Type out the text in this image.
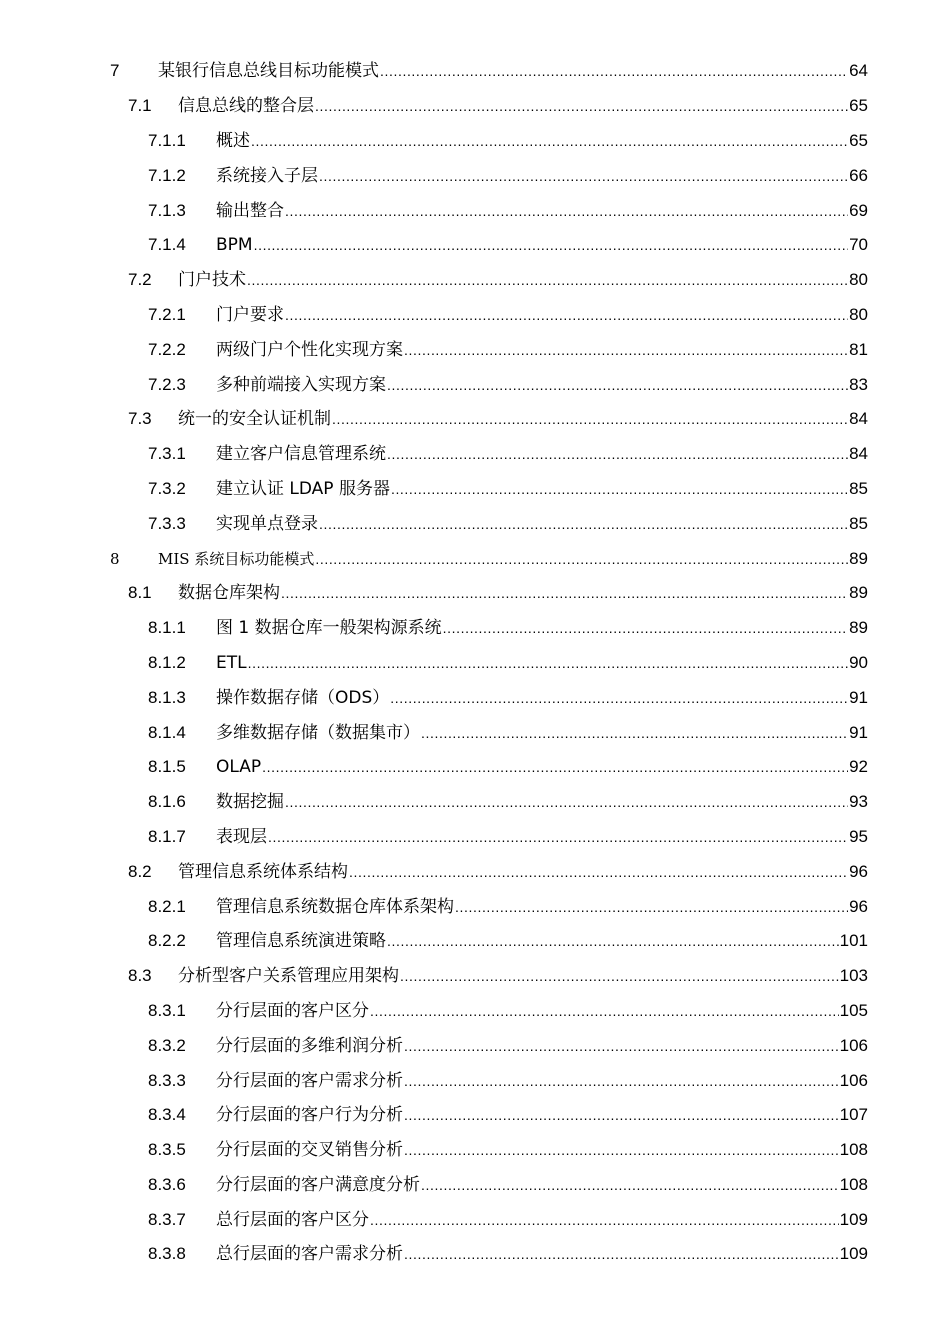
7 某银行信息总线目标功能模式 .....	64
7.1 信息总线的整合层 .....	65
7.1.1 概述 .....	65
7.1.2 系统接入子层 .....	66
7.1.3 输出整合 .....	69
7.1.4 BPM .....	70
7.2 门户技术 .....	80
7.2.1 门户要求 .....	80
7.2.2 两级门户个性化实现方案 .....	81
7.2.3 多种前端接入实现方案 .....	83
7.3 统一的安全认证机制 .....	84
7.3.1 建立客户信息管理系统 .....	84
7.3.2 建立认证 LDAP 服务器 .....	85
7.3.3 实现单点登录 .....	85
8	MIS 系统目标功能模式 .....	89
8.1 数据仓库架构 .....	89
8.1.1 图 1 数据仓库一般架构源系统 .....	89
8.1.2 ETL .....	90
8.1.3 操作数据存储（ODS） .....	91
8.1.4 多维数据存储（数据集市） .....	91
8.1.5 OLAP .....	92
8.1.6 数据挖掘 .....	93
8.1.7 表现层 .....	95
8.2 管理信息系统体系结构 .....	96
8.2.1 管理信息系统数据仓库体系架构 .....	96
8.2.2 管理信息系统演进策略 .....	101
8.3 分析型客户关系管理应用架构 .....	103
8.3.1 分行层面的客户区分 .....	105
8.3.2 分行层面的多维利润分析 .....	106
8.3.3 分行层面的客户需求分析 .....	106
8.3.4 分行层面的客户行为分析 .....	107
8.3.5 分行层面的交叉销售分析 .....	108
8.3.6 分行层面的客户满意度分析 .....	108
8.3.7 总行层面的客户区分 .....	109
8.3.8 总行层面的客户需求分析 .....	109
